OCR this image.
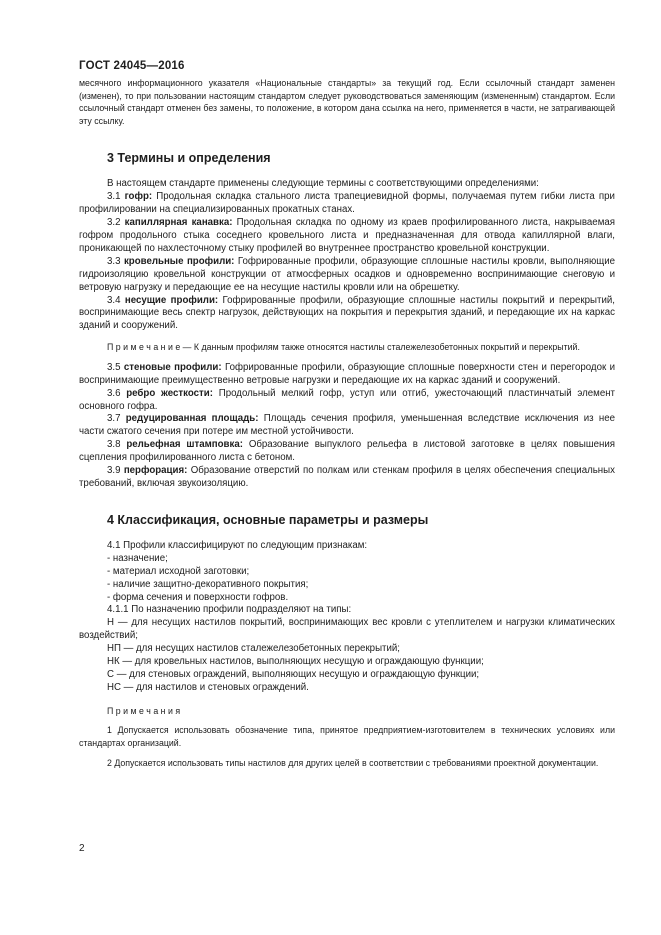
ГОСТ 24045—2016

месячного информационного указателя «Национальные стандарты» за текущий год. Если ссылочный стандарт заменен (изменен), то при пользовании настоящим стандартом следует руководствоваться заменяющим (измененным) стандартом. Если ссылочный стандарт отменен без замены, то положение, в котором дана ссылка на него, применяется в части, не затрагивающей эту ссылку.

3 Термины и определения

В настоящем стандарте применены следующие термины с соответствующими определениями:

3.1 гофр: Продольная складка стального листа трапециевидной формы, получаемая путем гибки листа при профилировании на специализированных прокатных станах.

3.2 капиллярная канавка: Продольная складка по одному из краев профилированного листа, накрываемая гофром продольного стыка соседнего кровельного листа и предназначенная для отвода капиллярной влаги, проникающей по нахлесточному стыку профилей во внутреннее пространство кровельной конструкции.

3.3 кровельные профили: Гофрированные профили, образующие сплошные настилы кровли, выполняющие гидроизоляцию кровельной конструкции от атмосферных осадков и одновременно воспринимающие снеговую и ветровую нагрузку и передающие ее на несущие настилы кровли или на обрешетку.

3.4 несущие профили: Гофрированные профили, образующие сплошные настилы покрытий и перекрытий, воспринимающие весь спектр нагрузок, действующих на покрытия и перекрытия зданий, и передающие их на каркас зданий и сооружений.

П р и м е ч а н и е — К данным профилям также относятся настилы сталежелезобетонных покрытий и перекрытий.

3.5 стеновые профили: Гофрированные профили, образующие сплошные поверхности стен и перегородок и воспринимающие преимущественно ветровые нагрузки и передающие их на каркас зданий и сооружений.

3.6 ребро жесткости: Продольный мелкий гофр, уступ или отгиб, ужесточающий пластинчатый элемент основного гофра.

3.7 редуцированная площадь: Площадь сечения профиля, уменьшенная вследствие исключения из нее части сжатого сечения при потере им местной устойчивости.

3.8 рельефная штамповка: Образование выпуклого рельефа в листовой заготовке в целях повышения сцепления профилированного листа с бетоном.

3.9 перфорация: Образование отверстий по полкам или стенкам профиля в целях обеспечения специальных требований, включая звукоизоляцию.

4 Классификация, основные параметры и размеры

4.1 Профили классифицируют по следующим признакам:

- назначение;

- материал исходной заготовки;

- наличие защитно-декоративного покрытия;

- форма сечения и поверхности гофров.

4.1.1 По назначению профили подразделяют на типы:

Н — для несущих настилов покрытий, воспринимающих вес кровли с утеплителем и нагрузки климатических воздействий;

НП — для несущих настилов сталежелезобетонных перекрытий;

НК — для кровельных настилов, выполняющих несущую и ограждающую функции;

С — для стеновых ограждений, выполняющих несущую и ограждающую функции;

НС — для настилов и стеновых ограждений.

П р и м е ч а н и я

1 Допускается использовать обозначение типа, принятое предприятием-изготовителем в технических условиях или стандартах организаций.

2 Допускается использовать типы настилов для других целей в соответствии с требованиями проектной документации.

2
